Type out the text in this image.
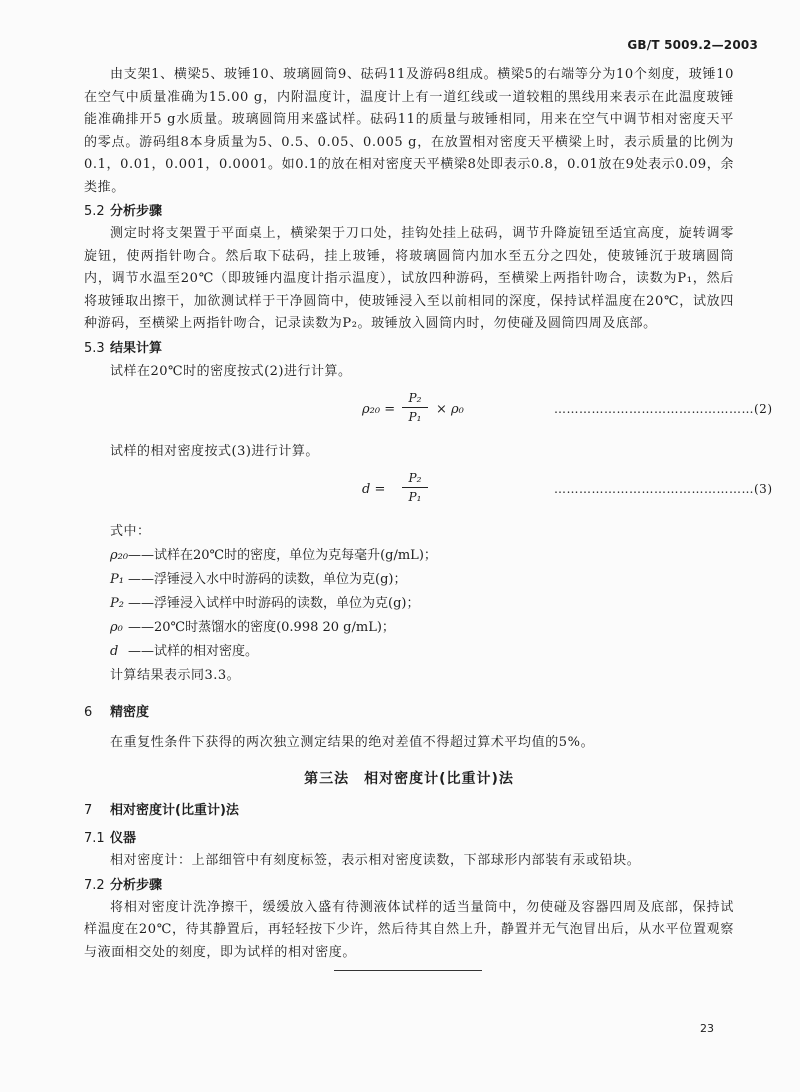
GB/T 5009.2—2003

由支架1、横梁5、玻锤10、玻璃圆筒9、砝码11及游码8组成。横梁5的右端等分为10个刻度，玻锤10在空气中质量准确为15.00 g，内附温度计，温度计上有一道红线或一道较粗的黑线用来表示在此温度玻锤能准确排开5 g水质量。玻璃圆筒用来盛试样。砝码11的质量与玻锤相同，用来在空气中调节相对密度天平的零点。游码组8本身质量为5、0.5、0.05、0.005 g，在放置相对密度天平横梁上时，表示质量的比例为0.1，0.01，0.001，0.0001。如0.1的放在相对密度天平横梁8处即表示0.8，0.01放在9处表示0.09，余类推。

5.2 分析步骤

测定时将支架置于平面桌上，横梁架于刀口处，挂钩处挂上砝码，调节升降旋钮至适宜高度，旋转调零旋钮，使两指针吻合。然后取下砝码，挂上玻锤，将玻璃圆筒内加水至五分之四处，使玻锤沉于玻璃圆筒内，调节水温至20℃（即玻锤内温度计指示温度），试放四种游码，至横梁上两指针吻合，读数为P₁，然后将玻锤取出擦干，加欲测试样于干净圆筒中，使玻锤浸入至以前相同的深度，保持试样温度在20℃，试放四种游码，至横梁上两指针吻合，记录读数为P₂。玻锤放入圆筒内时，勿使碰及圆筒四周及底部。

5.3 结果计算

试样在20℃时的密度按式(2)进行计算。

ρ₂₀ =
P₂
P₁	× ρ₀	…………………………………………(2)

试样的相对密度按式(3)进行计算。

d =
P₂
P₁
…………………………………………(3)

式中：

ρ₂₀——试样在20℃时的密度，单位为克每毫升(g/mL)；

P₁ ——浮锤浸入水中时游码的读数，单位为克(g)；

P₂ ——浮锤浸入试样中时游码的读数，单位为克(g)；

ρ₀ ——20℃时蒸馏水的密度(0.998 20 g/mL)；

d ——试样的相对密度。

计算结果表示同3.3。

6 精密度

在重复性条件下获得的两次独立测定结果的绝对差值不得超过算术平均值的5%。

第三法　相对密度计(比重计)法
7 相对密度计(比重计)法
7.1 仪器

相对密度计：上部细管中有刻度标签，表示相对密度读数，下部球形内部装有汞或铅块。

7.2 分析步骤

将相对密度计洗净擦干，缓缓放入盛有待测液体试样的适当量筒中，勿使碰及容器四周及底部，保持试样温度在20℃，待其静置后，再轻轻按下少许，然后待其自然上升，静置并无气泡冒出后，从水平位置观察与液面相交处的刻度，即为试样的相对密度。

23
